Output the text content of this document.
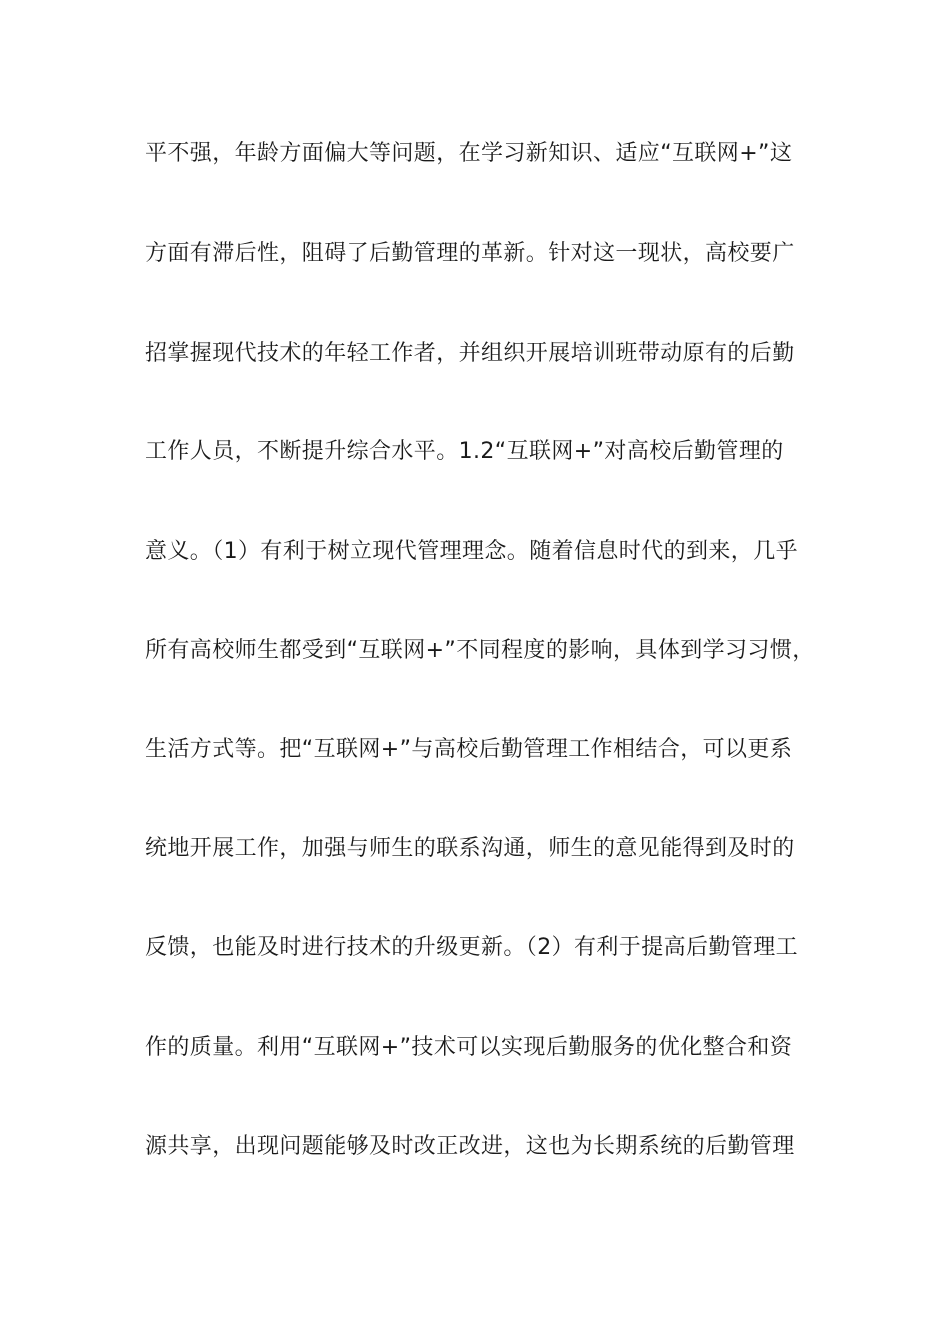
平不强，年龄方面偏大等问题，在学习新知识、适应“互联网+”这
方面有滞后性，阻碍了后勤管理的革新。针对这一现状，高校要广
招掌握现代技术的年轻工作者，并组织开展培训班带动原有的后勤
工作人员，不断提升综合水平。1.2“互联网+”对高校后勤管理的
意义。（1）有利于树立现代管理理念。随着信息时代的到来，几乎
所有高校师生都受到“互联网+”不同程度的影响，具体到学习习惯，
生活方式等。把“互联网+”与高校后勤管理工作相结合，可以更系
统地开展工作，加强与师生的联系沟通，师生的意见能得到及时的
反馈，也能及时进行技术的升级更新。（2）有利于提高后勤管理工
作的质量。利用“互联网+”技术可以实现后勤服务的优化整合和资
源共享，出现问题能够及时改正改进，这也为长期系统的后勤管理
